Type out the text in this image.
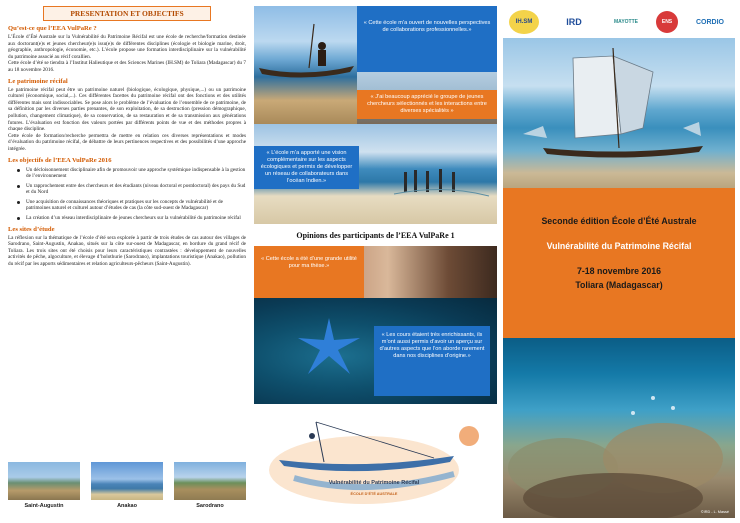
PRESENTATION ET OBJECTIFS
Qu’est-ce que l’EEA VulPaRe ?
L’École d’Été Australe sur la Vulnérabilité du Patrimoine Récifal est une école de recherche/formation destinée aux doctorant(e)s et jeunes chercheur(e)s issu(e)s de différentes disciplines (écologie et biologie marine, droit, géographie, anthropologie, économie, etc.). L’école propose une formation interdisciplinaire sur la vulnérabilité du patrimoine associé au récif corallien.
Cette école d’été se tiendra à l’Institut Halieutique et des Sciences Marines (IH.SM) de Toliara (Madagascar) du 7 au 18 novembre 2016.
Le patrimoine récifal
Le patrimoine récifal peut être un patrimoine naturel (biologique, écologique, physique,...) ou un patrimoine culturel (économique, social,...). Ces différentes facettes du patrimoine récifal ont des fonctions et des utilités différentes mais sont indissociables. Se pose alors le problème de l’évaluation de l’ensemble de ce patrimoine, de sa définition par les diverses parties prenantes, de son exploitation, de sa destruction (pression démographique, pollution, changement climatique), de sa conservation, de sa restauration et de sa transmission aux générations futures. L’évaluation est fonction des valeurs portées par différents points de vue et des méthodes propres à chaque discipline.
Cette école de formation/recherche permettra de mettre en relation ces diverses représentations et modes d’évaluation du patrimoine récifal, de débattre de leurs pertinences respectives et des possibilités d’une approche intégrée.
Les objectifs de l’EEA VulPaRe 2016
Un décloisonnement disciplinaire afin de promouvoir une approche systémique indispensable à la gestion de l’environnement
Un rapprochement entre des chercheurs et des étudiants (niveau doctoral et postdoctoral) des pays du Sud et du Nord
Une acquisition de connaissances théoriques et pratiques sur les concepts de vulnérabilité et de patrimoines naturel et culturel autour d’études de cas (la côte sud-ouest de Madagascar)
La création d’un réseau interdisciplinaire de jeunes chercheurs sur la vulnérabilité du patrimoine récifal
Les sites d’étude
La réflexion sur la thématique de l’école d’été sera explorée à partir de trois études de cas autour des villages de Sarodrano, Saint-Augustin, Anakao, situés sur la côte sur-ouest de Madagascar, en bordure du grand récif de Toliara. Les trois sites ont été choisis pour leurs caractéristiques contrastées : développement de nouvelles activités de pêche, algoculture, et élevage d’holothurie (Sarodrano), implantations touristique (Anakao), pollution du récif par les apports sédimentaires et relation agriculteurs-pêcheurs (Saint-Augustin).
Saint-Augustin	Anakao	Sarodrano
« Cette école m’a ouvert de nouvelles perspectives de collaborations professionnelles.»
« J’ai beaucoup apprécié le groupe de jeunes chercheurs sélectionnés et les interactions entre diverses spécialités »
« L’école m’a apporté une vision complémentaire sur les aspects écologiques et permis de développer un réseau de collaborateurs dans l’océan Indien.»
Opinions des participants de l’EEA VulPaRe 1
« Cette école a été d’une grande utilité pour ma thèse.»
« Les cours étaient très enrichissants, ils m’ont aussi permis d’avoir un aperçu sur d’autres aspects que l’on aborde rarement dans nos disciplines d’origine.»
Vulnérabilité du Patrimoine Récifal
ÉCOLE D’ÉTÉ AUSTRALE
IH.SM	IRD	MAYOTTE	ENS	CORDIO
Seconde édition École d’Été Australe
Vulnérabilité du Patrimoine Récifal
7-18 novembre 2016
Toliara (Madagascar)
©IRD - L. Massé
